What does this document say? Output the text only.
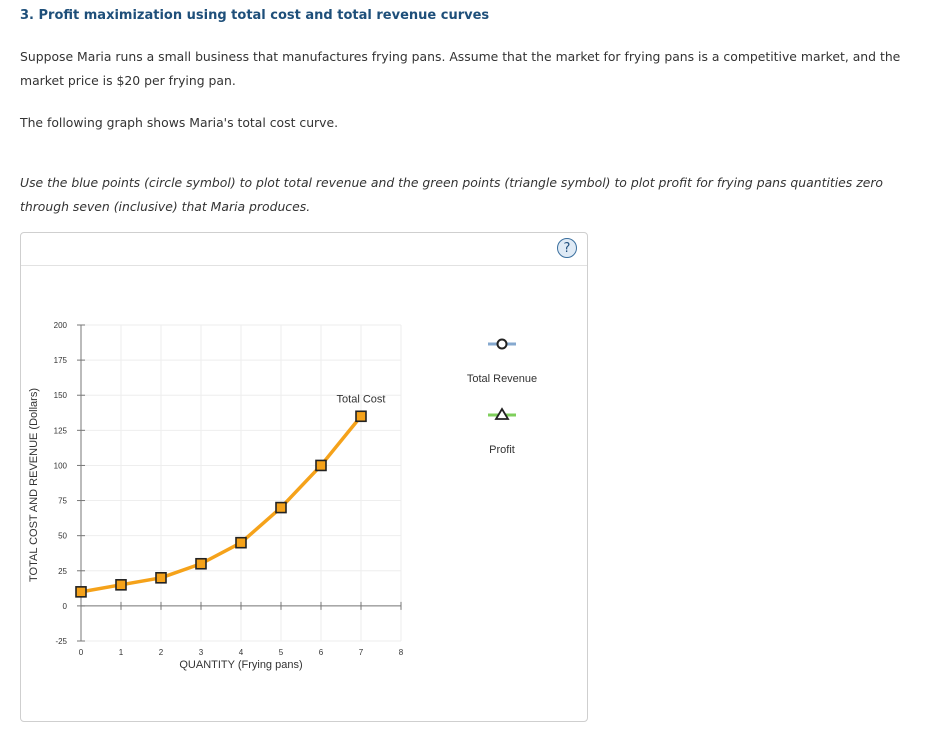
3. Profit maximization using total cost and total revenue curves
Suppose Maria runs a small business that manufactures frying pans. Assume that the market for frying pans is a competitive market, and the market price is $20 per frying pan.
The following graph shows Maria's total cost curve.
Use the blue points (circle symbol) to plot total revenue and the green points (triangle symbol) to plot profit for frying pans quantities zero through seven (inclusive) that Maria produces.
?
-25
0
25
50
75
100
125
150
175
200
0	1	2	3	4	5	6	7	8
QUANTITY (Frying pans)
TOTAL COST AND REVENUE (Dollars)	Total Cost
Total Revenue
Profit
